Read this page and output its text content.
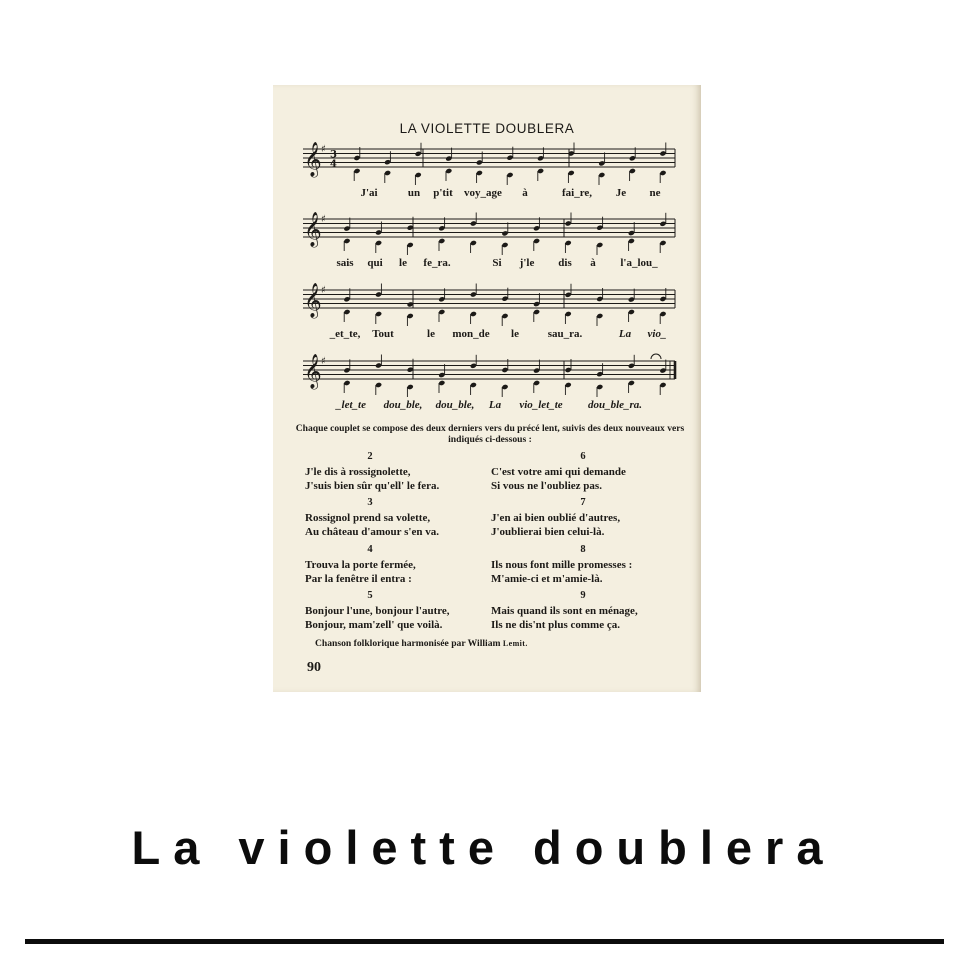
LA VIOLETTE DOUBLERA
𝄞 ♯ 3
4
J'ai	un p'tit voy_age à	fai_re, Je ne
𝄞 ♯
sais qui le fe_ra.	Si j'le dis à l'a_lou_
𝄞 ♯
_et_te, Tout	le mon_de le	sau_ra.	La vio_
𝄞 ♯
_let_te dou_ble, dou_ble, La vio_let_te dou_ble_ra.
Chaque couplet se compose des deux derniers vers du précé lent, suivis des deux nouveaux vers indiqués ci-dessous :
2
J'le dis à rossignolette,
J'suis bien sûr qu'ell' le fera.
3
Rossignol prend sa volette,
Au château d'amour s'en va.
4
Trouva la porte fermée,
Par la fenêtre il entra :
5
Bonjour l'une, bonjour l'autre,
Bonjour, mam'zell' que voilà.
6
C'est votre ami qui demande
Si vous ne l'oubliez pas.
7
J'en ai bien oublié d'autres,
J'oublierai bien celui-là.
8
Ils nous font mille promesses :
M'amie-ci et m'amie-là.
9
Mais quand ils sont en ménage,
Ils ne dis'nt plus comme ça.
Chanson folklorique harmonisée par William Lemit.
90
La violette doublera
